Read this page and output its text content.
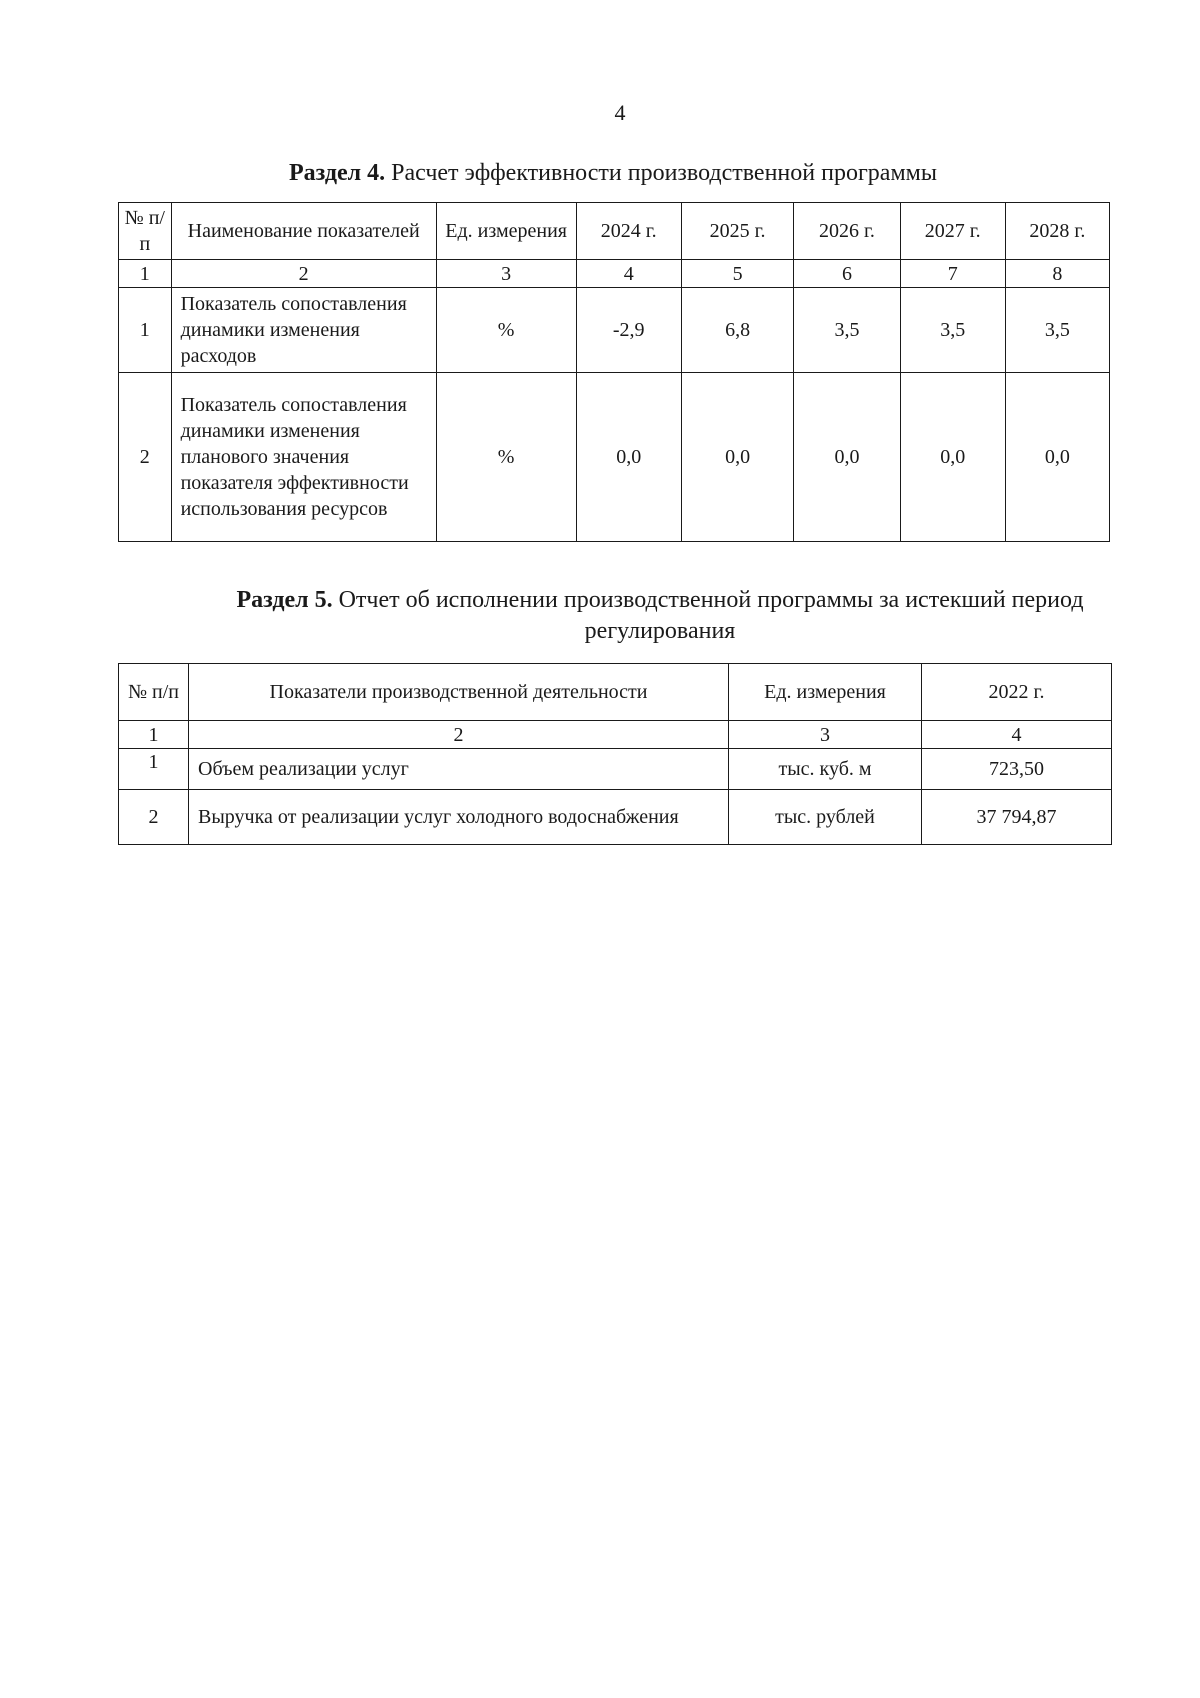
4
Раздел 4. Расчет эффективности производственной программы
№ п/п	Наименование показателей	Ед. измерения	2024 г.	2025 г.	2026 г.	2027 г.	2028 г.
1	2	3	4	5	6	7	8
1	Показатель сопоставления динамики изменения расходов	%	-2,9	6,8	3,5	3,5	3,5
2	Показатель сопоставления динамики изменения планового значения показателя эффективности использования ресурсов	%	0,0	0,0	0,0	0,0	0,0
Раздел 5. Отчет об исполнении производственной программы за истекший период регулирования
№ п/п	Показатели производственной деятельности	Ед. измерения	2022 г.
1	2	3	4
1	Объем реализации услуг	тыс. куб. м	723,50
2	Выручка от реализации услуг холодного водоснабжения	тыс. рублей	37 794,87
